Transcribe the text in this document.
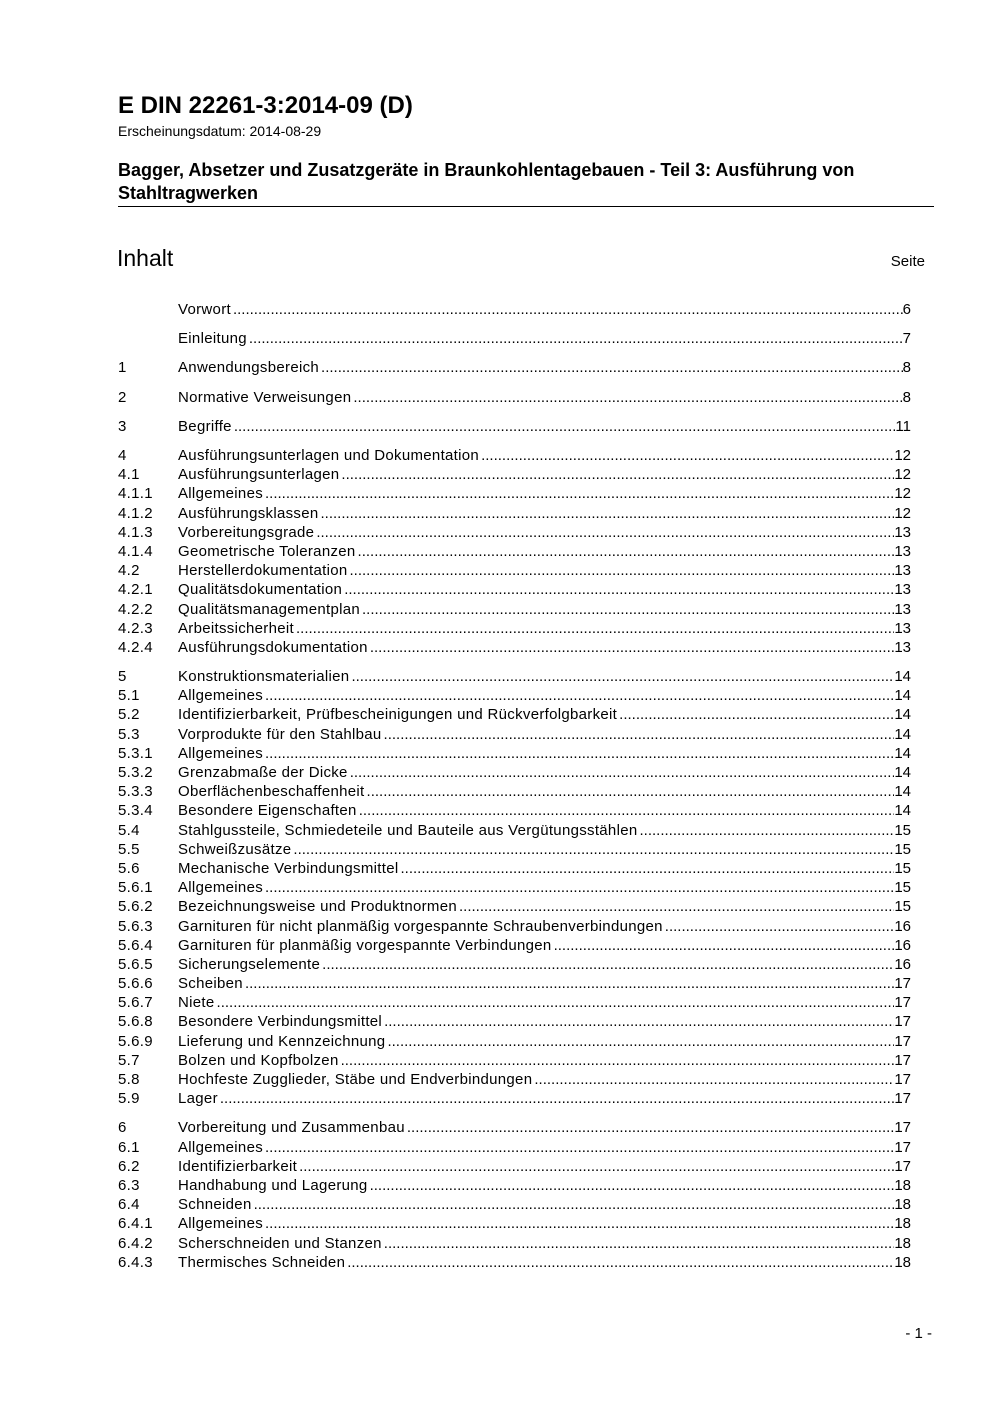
E DIN 22261-3:2014-09 (D)
Erscheinungsdatum: 2014-08-29
Bagger, Absetzer und Zusatzgeräte in Braunkohlentagebauen - Teil 3: Ausführung von Stahltragwerken
Inhalt	Seite
Vorwort .....	6
Einleitung .....	7
1	Anwendungsbereich .....	8
2	Normative Verweisungen .....	8
3	Begriffe .....	11
4	Ausführungsunterlagen und Dokumentation .....	12
4.1	Ausführungsunterlagen .....	12
4.1.1	Allgemeines .....	12
4.1.2	Ausführungsklassen .....	12
4.1.3	Vorbereitungsgrade .....	13
4.1.4	Geometrische Toleranzen .....	13
4.2	Herstellerdokumentation .....	13
4.2.1	Qualitätsdokumentation .....	13
4.2.2	Qualitätsmanagementplan .....	13
4.2.3	Arbeitssicherheit .....	13
4.2.4	Ausführungsdokumentation .....	13
5	Konstruktionsmaterialien .....	14
5.1	Allgemeines .....	14
5.2	Identifizierbarkeit, Prüfbescheinigungen und Rückverfolgbarkeit .....	14
5.3	Vorprodukte für den Stahlbau .....	14
5.3.1	Allgemeines .....	14
5.3.2	Grenzabmaße der Dicke .....	14
5.3.3	Oberflächenbeschaffenheit .....	14
5.3.4	Besondere Eigenschaften .....	14
5.4	Stahlgussteile, Schmiedeteile und Bauteile aus Vergütungsstählen .....	15
5.5	Schweißzusätze .....	15
5.6	Mechanische Verbindungsmittel .....	15
5.6.1	Allgemeines .....	15
5.6.2	Bezeichnungsweise und Produktnormen .....	15
5.6.3	Garnituren für nicht planmäßig vorgespannte Schraubenverbindungen .....	16
5.6.4	Garnituren für planmäßig vorgespannte Verbindungen .....	16
5.6.5	Sicherungselemente .....	16
5.6.6	Scheiben .....	17
5.6.7	Niete .....	17
5.6.8	Besondere Verbindungsmittel .....	17
5.6.9	Lieferung und Kennzeichnung .....	17
5.7	Bolzen und Kopfbolzen .....	17
5.8	Hochfeste Zugglieder, Stäbe und Endverbindungen .....	17
5.9	Lager .....	17
6	Vorbereitung und Zusammenbau .....	17
6.1	Allgemeines .....	17
6.2	Identifizierbarkeit .....	17
6.3	Handhabung und Lagerung .....	18
6.4	Schneiden .....	18
6.4.1	Allgemeines .....	18
6.4.2	Scherschneiden und Stanzen .....	18
6.4.3	Thermisches Schneiden .....	18
- 1 -
